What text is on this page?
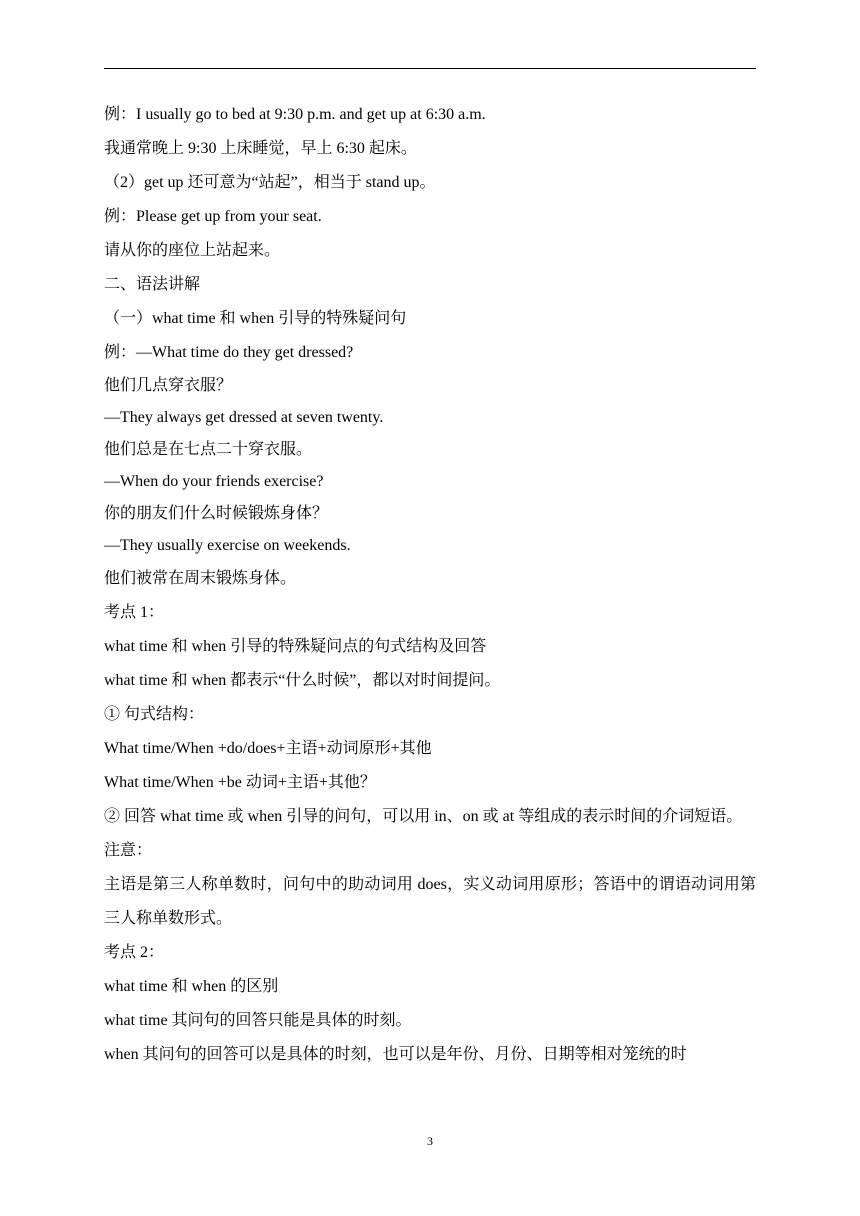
例：I usually go to bed at 9:30 p.m. and get up at 6:30 a.m.
我通常晚上 9:30 上床睡觉，早上 6:30 起床。
（2）get up 还可意为“站起”，相当于 stand up。
例：Please get up from your seat.
请从你的座位上站起来。
二、语法讲解
（一）what time 和 when 引导的特殊疑问句
例：—What time do they get dressed?
他们几点穿衣服？
—They always get dressed at seven twenty.
他们总是在七点二十穿衣服。
—When do your friends exercise?
你的朋友们什么时候锻炼身体？
—They usually exercise on weekends.
他们被常在周末锻炼身体。
考点 1：
what time 和 when 引导的特殊疑问点的句式结构及回答
what time 和 when 都表示“什么时候”，都以对时间提问。
① 句式结构：
What time/When +do/does+主语+动词原形+其他
What time/When +be 动词+主语+其他？
② 回答 what time 或 when 引导的问句，可以用 in、on 或 at 等组成的表示时间的介词短语。
注意：
主语是第三人称单数时，问句中的助动词用 does，实义动词用原形；答语中的谓语动词用第三人称单数形式。
考点 2：
what time 和 when 的区别
what time 其问句的回答只能是具体的时刻。
when 其问句的回答可以是具体的时刻，也可以是年份、月份、日期等相对笼统的时
3
